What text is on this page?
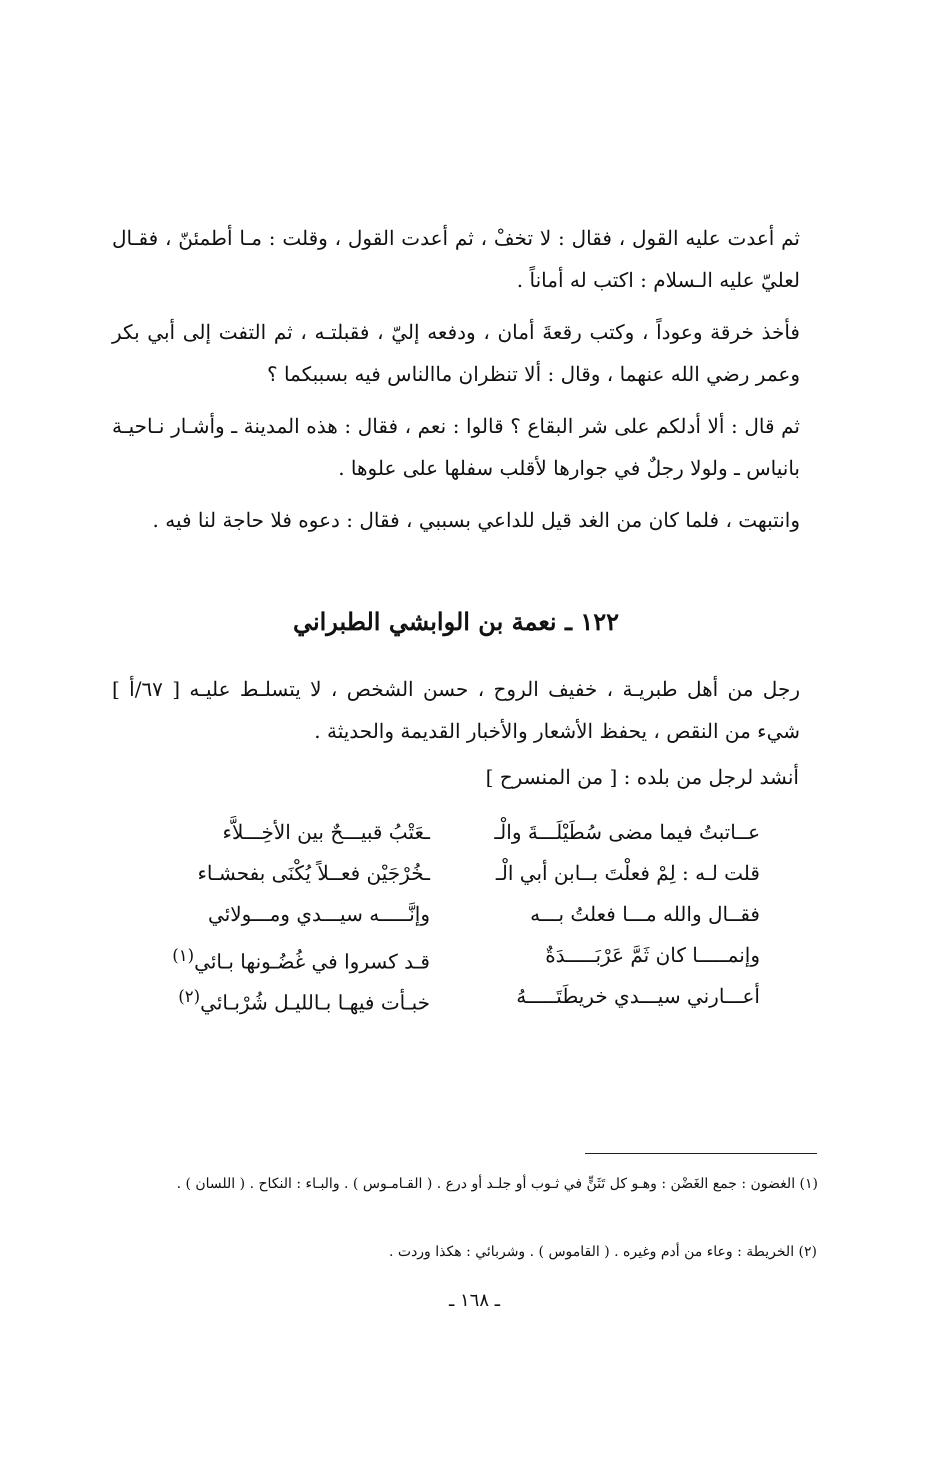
ثم أعدت عليه القول ، فقال : لا تخفْ ، ثم أعدت القول ، وقلت : مـا أطمئنّ ، فقـال لعليّ عليه الـسلام : اكتب له أماناً .

فأخذ خرقة وعوداً ، وكتب رقعةَ أمان ، ودفعه إليّ ، فقبلتـه ، ثم التفت إلى أبي بكر وعمر رضي الله عنهما ، وقال : ألا تنظران ماالناس فيه بسببكما ؟

ثم قال : ألا أدلكم على شر البقاع ؟ قالوا : نعم ، فقال : هذه المدينة ـ وأشـار نـاحيـة بانياس ـ ولولا رجلٌ في جوارها لأقلب سفلها على علوها .

وانتبهت ، فلما كان من الغد قيل للداعي بسببي ، فقال : دعوه فلا حاجة لنا فيه .

١٢٢ ـ نعمة بن الوابشي الطبراني

رجل من أهل طبريـة ، خفيف الروح ، حسن الشخص ، لا يتسلـط عليـه [ ٦٧/أ ] شيء من النقص ، يحفظ الأشعار والأخبار القديمة والحديثة .

أنشد لرجل من بلده : [ من المنسرح ]
عــاتبتُ فيما مضى سُطَيْلَـــةَ والْـ
ـعَتْبُ قبيـــحٌ بين الأخِـــلاَّء
قلت لـه : لِمْ فعلْتَ بــابن أبي الْـ
ـخُرْجَيْن فعــلاً يُكْنَى بفحشـاء
فقــال والله مـــا فعلتُ بـــه
وإنَّـــــه سيـــدي ومـــولائي
وإنمـــــا كان ثَمَّ عَرْبَـــــدَةٌ
قـد كسروا في غُضُـونها بـائي$^{(١)}$
أعـــارني سيـــدي خريطَتَـــــهُ
خبـأت فيهـا بـالليـل شُرْبـائي$^{(٢)}$

(١) الغضون : جمع الغَضْن : وهـو كل تَثَنٍّ في ثـوب أو جلـد أو درع . ( القـامـوس ) . والبـاء : النكاح . ( اللسان ) .

(٢) الخريطة : وعاء من أدم وغيره . ( القاموس ) . وشربائي : هكذا وردت .

ـ ١٦٨ ـ
